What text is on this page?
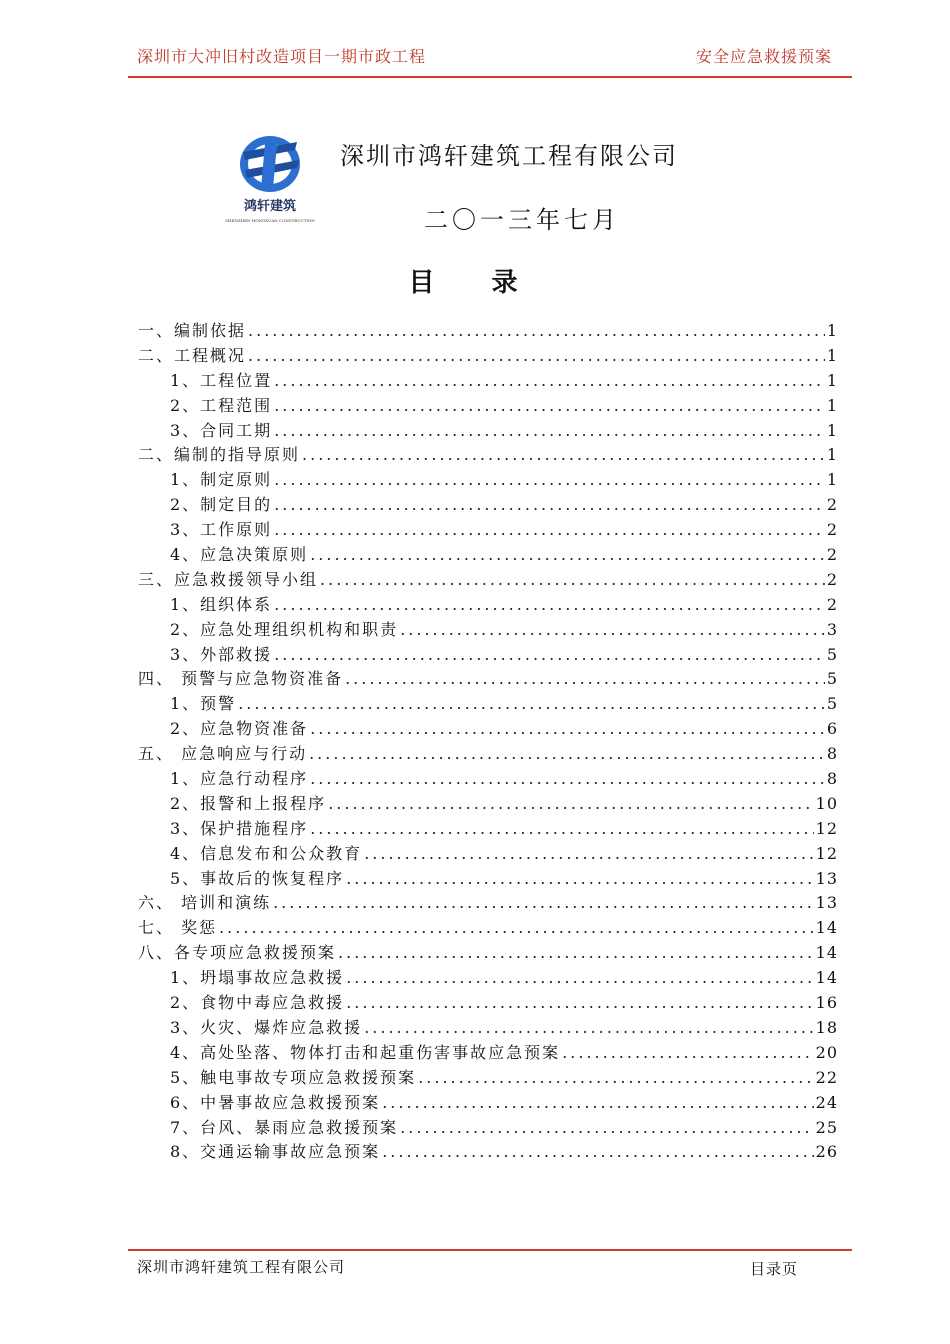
深圳市大冲旧村改造项目一期市政工程	安全应急救援预案
鸿轩建筑
SHENZHEN HONGXUAN CONSTRUCTION
深圳市鸿轩建筑工程有限公司
二〇一三年七月
目 录
一、编制依据 .....	1
二、工程概况 .....	1
1、工程位置 .....	1
2、工程范围 .....	1
3、合同工期 .....	1
二、编制的指导原则 .....	1
1、制定原则 .....	1
2、制定目的 .....	2
3、工作原则 .....	2
4、应急决策原则 .....	2
三、应急救援领导小组 .....	2
1、组织体系 .....	2
2、应急处理组织机构和职责 .....	3
3、外部救援 .....	5
四、 预警与应急物资准备 .....	5
1、预警 .....	5
2、应急物资准备 .....	6
五、 应急响应与行动 .....	8
1、应急行动程序 .....	8
2、报警和上报程序 .....	10
3、保护措施程序 .....	12
4、信息发布和公众教育 .....	12
5、事故后的恢复程序 .....	13
六、 培训和演练 .....	13
七、 奖惩 .....	14
八、各专项应急救援预案 .....	14
1、坍塌事故应急救援 .....	14
2、食物中毒应急救援 .....	16
3、火灾、爆炸应急救援 .....	18
4、高处坠落、物体打击和起重伤害事故应急预案 .....	20
5、触电事故专项应急救援预案 .....	22
6、中暑事故应急救援预案 .....	24
7、台风、暴雨应急救援预案 .....	25
8、交通运输事故应急预案 .....	26
深圳市鸿轩建筑工程有限公司	目录页
